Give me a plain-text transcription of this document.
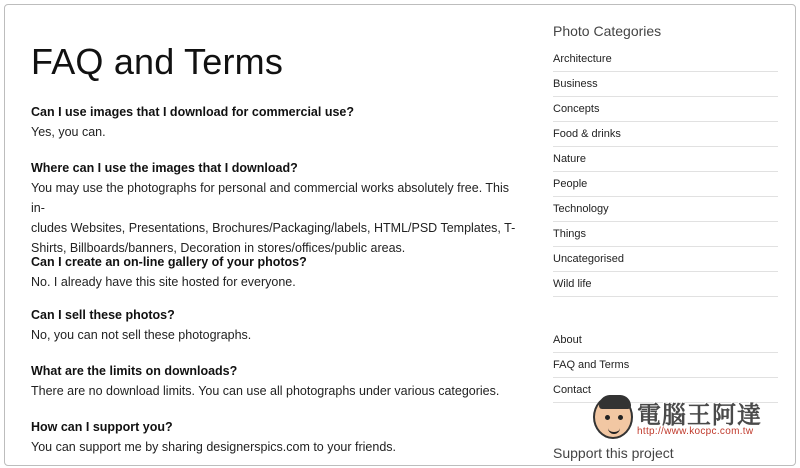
FAQ and Terms

Can I use images that I download for commercial use?

Yes, you can.

Where can I use the images that I download?

You may use the photographs for personal and commercial works absolutely free. This in-

cludes Websites, Presentations, Brochures/Packaging/labels, HTML/PSD Templates, T-

Shirts, Billboards/banners, Decoration in stores/offices/public areas.

Can I create an on-line gallery of your photos?

No. I already have this site hosted for everyone.

Can I sell these photos?

No, you can not sell these photographs.

What are the limits on downloads?

There are no download limits. You can use all photographs under various categories.

How can I support you?

You can support me by sharing designerspics.com to your friends.

Photo Categories
Architecture
Business
Concepts
Food & drinks
Nature
People
Technology
Things
Uncategorised
Wild life
About
FAQ and Terms
Contact
Support this project
電腦王阿達
http://www.kocpc.com.tw
